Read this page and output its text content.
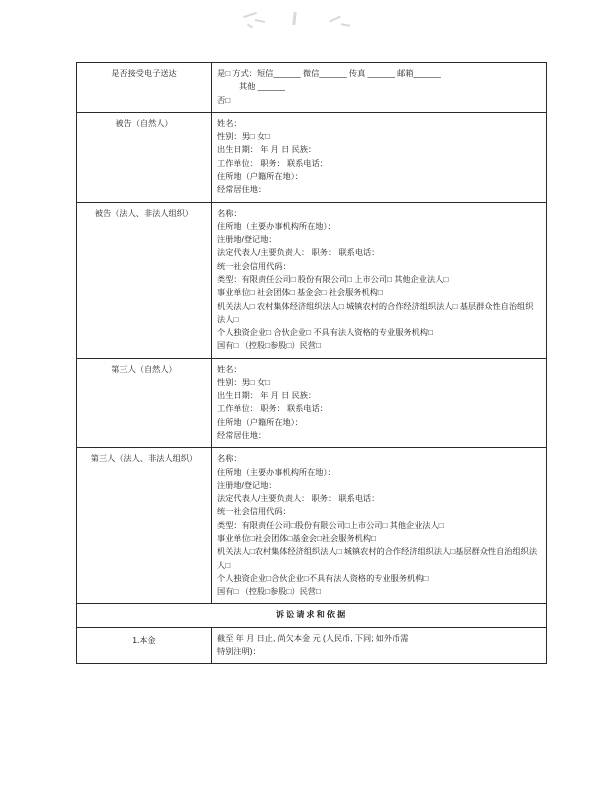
是否接受电子送达	是□ 方式：短信______ 微信______ 传真 ______ 邮箱______
其他 ______
否□

被告（自然人）	姓名：
性别：男□ 女□
出生日期： 年 月 日 民族：
工作单位： 职务： 联系电话：
住所地（户籍所在地）：
经常居住地：

被告（法人、非法人组织）	名称：
住所地（主要办事机构所在地）：
注册地/登记地：
法定代表人/主要负责人： 职务： 联系电话：
统一社会信用代码：
类型：有限责任公司□ 股份有限公司□ 上市公司□ 其他企业法人□
事业单位□ 社会团体□ 基金会□ 社会服务机构□
机关法人□ 农村集体经济组织法人□ 城镇农村的合作经济组织法人□ 基层群众性自治组织法人□
个人独资企业□ 合伙企业□ 不具有法人资格的专业服务机构□
国有□ （控股□参股□）民营□

第三人（自然人）	姓名：
性别：男□ 女□
出生日期： 年 月 日 民族：
工作单位： 职务： 联系电话：
住所地（户籍所在地）：
经常居住地：

第三人（法人、非法人组织）	名称：
住所地（主要办事机构所在地）：
注册地/登记地：
法定代表人/主要负责人： 职务： 联系电话：
统一社会信用代码：
类型：有限责任公司□股份有限公司□上市公司□ 其他企业法人□
事业单位□社会团体□基金会□社会服务机构□
机关法人□农村集体经济组织法人□ 城镇农村的合作经济组织法人□基层群众性自治组织法人□
个人独资企业□合伙企业□不具有法人资格的专业服务机构□
国有□ （控股□参股□）民营□

诉讼请求和依据	
1.本金	截至 年 月 日止, 尚欠本金 元 (人民币, 下同; 如外币需
特别注明)：
